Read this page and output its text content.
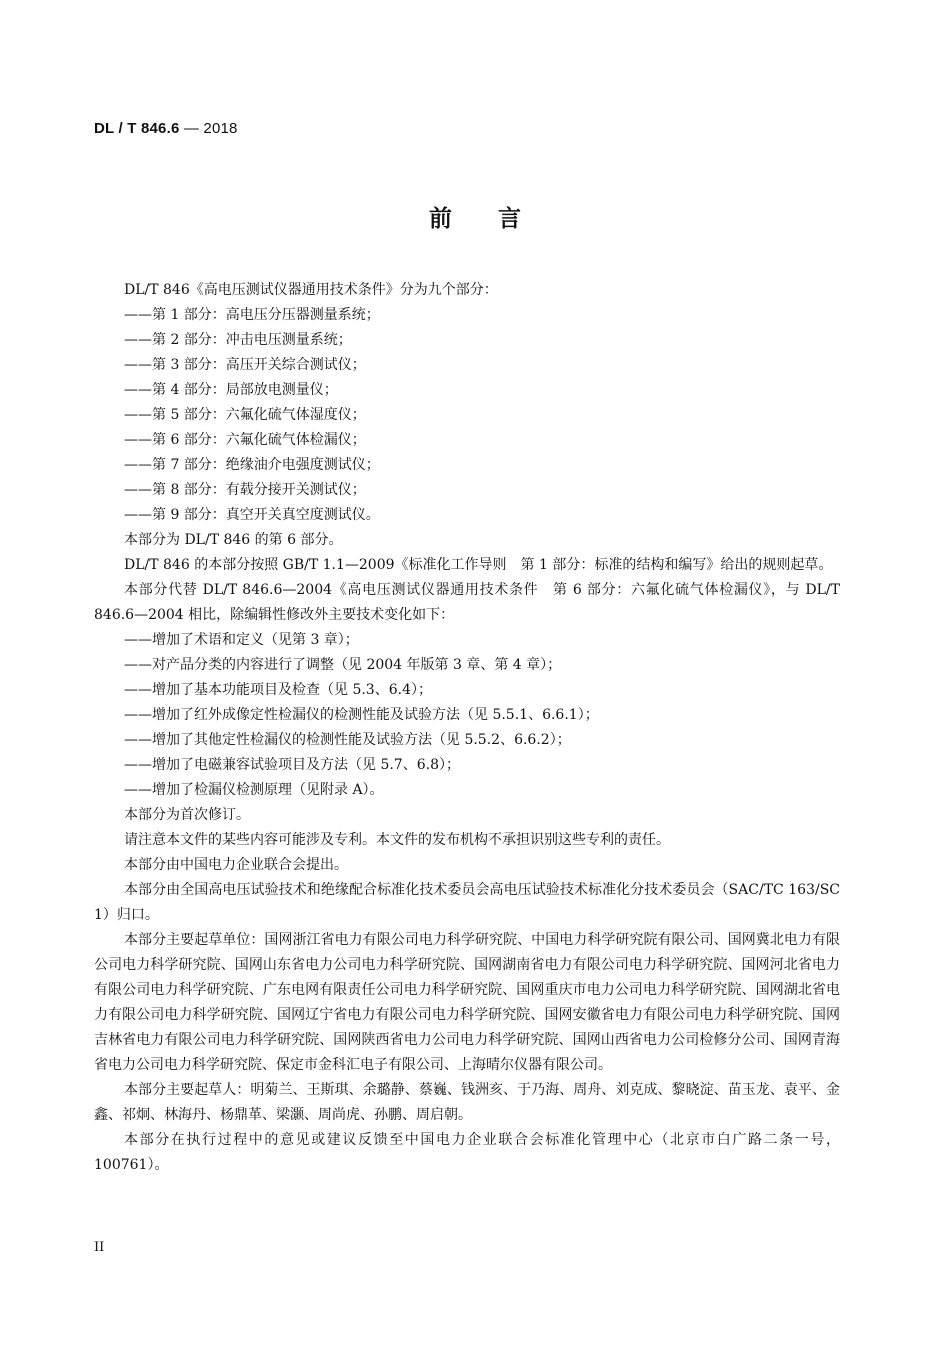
DL / T 846.6 — 2018
前言

DL/T 846《高电压测试仪器通用技术条件》分为九个部分：

——第 1 部分：高电压分压器测量系统；

——第 2 部分：冲击电压测量系统；

——第 3 部分：高压开关综合测试仪；

——第 4 部分：局部放电测量仪；

——第 5 部分：六氟化硫气体湿度仪；

——第 6 部分：六氟化硫气体检漏仪；

——第 7 部分：绝缘油介电强度测试仪；

——第 8 部分：有载分接开关测试仪；

——第 9 部分：真空开关真空度测试仪。

本部分为 DL/T 846 的第 6 部分。

DL/T 846 的本部分按照 GB/T 1.1—2009《标准化工作导则　第 1 部分：标准的结构和编写》给出的规则起草。

本部分代替 DL/T 846.6—2004《高电压测试仪器通用技术条件　第 6 部分：六氟化硫气体检漏仪》，与 DL/T 846.6—2004 相比，除编辑性修改外主要技术变化如下：

——增加了术语和定义（见第 3 章）；

——对产品分类的内容进行了调整（见 2004 年版第 3 章、第 4 章）；

——增加了基本功能项目及检查（见 5.3、6.4）；

——增加了红外成像定性检漏仪的检测性能及试验方法（见 5.5.1、6.6.1）；

——增加了其他定性检漏仪的检测性能及试验方法（见 5.5.2、6.6.2）；

——增加了电磁兼容试验项目及方法（见 5.7、6.8）；

——增加了检漏仪检测原理（见附录 A）。

本部分为首次修订。

请注意本文件的某些内容可能涉及专利。本文件的发布机构不承担识别这些专利的责任。

本部分由中国电力企业联合会提出。

本部分由全国高电压试验技术和绝缘配合标准化技术委员会高电压试验技术标准化分技术委员会（SAC/TC 163/SC 1）归口。

本部分主要起草单位：国网浙江省电力有限公司电力科学研究院、中国电力科学研究院有限公司、国网冀北电力有限公司电力科学研究院、国网山东省电力公司电力科学研究院、国网湖南省电力有限公司电力科学研究院、国网河北省电力有限公司电力科学研究院、广东电网有限责任公司电力科学研究院、国网重庆市电力公司电力科学研究院、国网湖北省电力有限公司电力科学研究院、国网辽宁省电力有限公司电力科学研究院、国网安徽省电力有限公司电力科学研究院、国网吉林省电力有限公司电力科学研究院、国网陕西省电力公司电力科学研究院、国网山西省电力公司检修分公司、国网青海省电力公司电力科学研究院、保定市金科汇电子有限公司、上海晴尔仪器有限公司。

本部分主要起草人：明菊兰、王斯琪、余璐静、蔡巍、钱洲亥、于乃海、周舟、刘克成、黎晓淀、苗玉龙、袁平、金鑫、祁炯、林海丹、杨鼎革、梁灏、周尚虎、孙鹏、周启朝。

本部分在执行过程中的意见或建议反馈至中国电力企业联合会标准化管理中心（北京市白广路二条一号，100761）。

II
